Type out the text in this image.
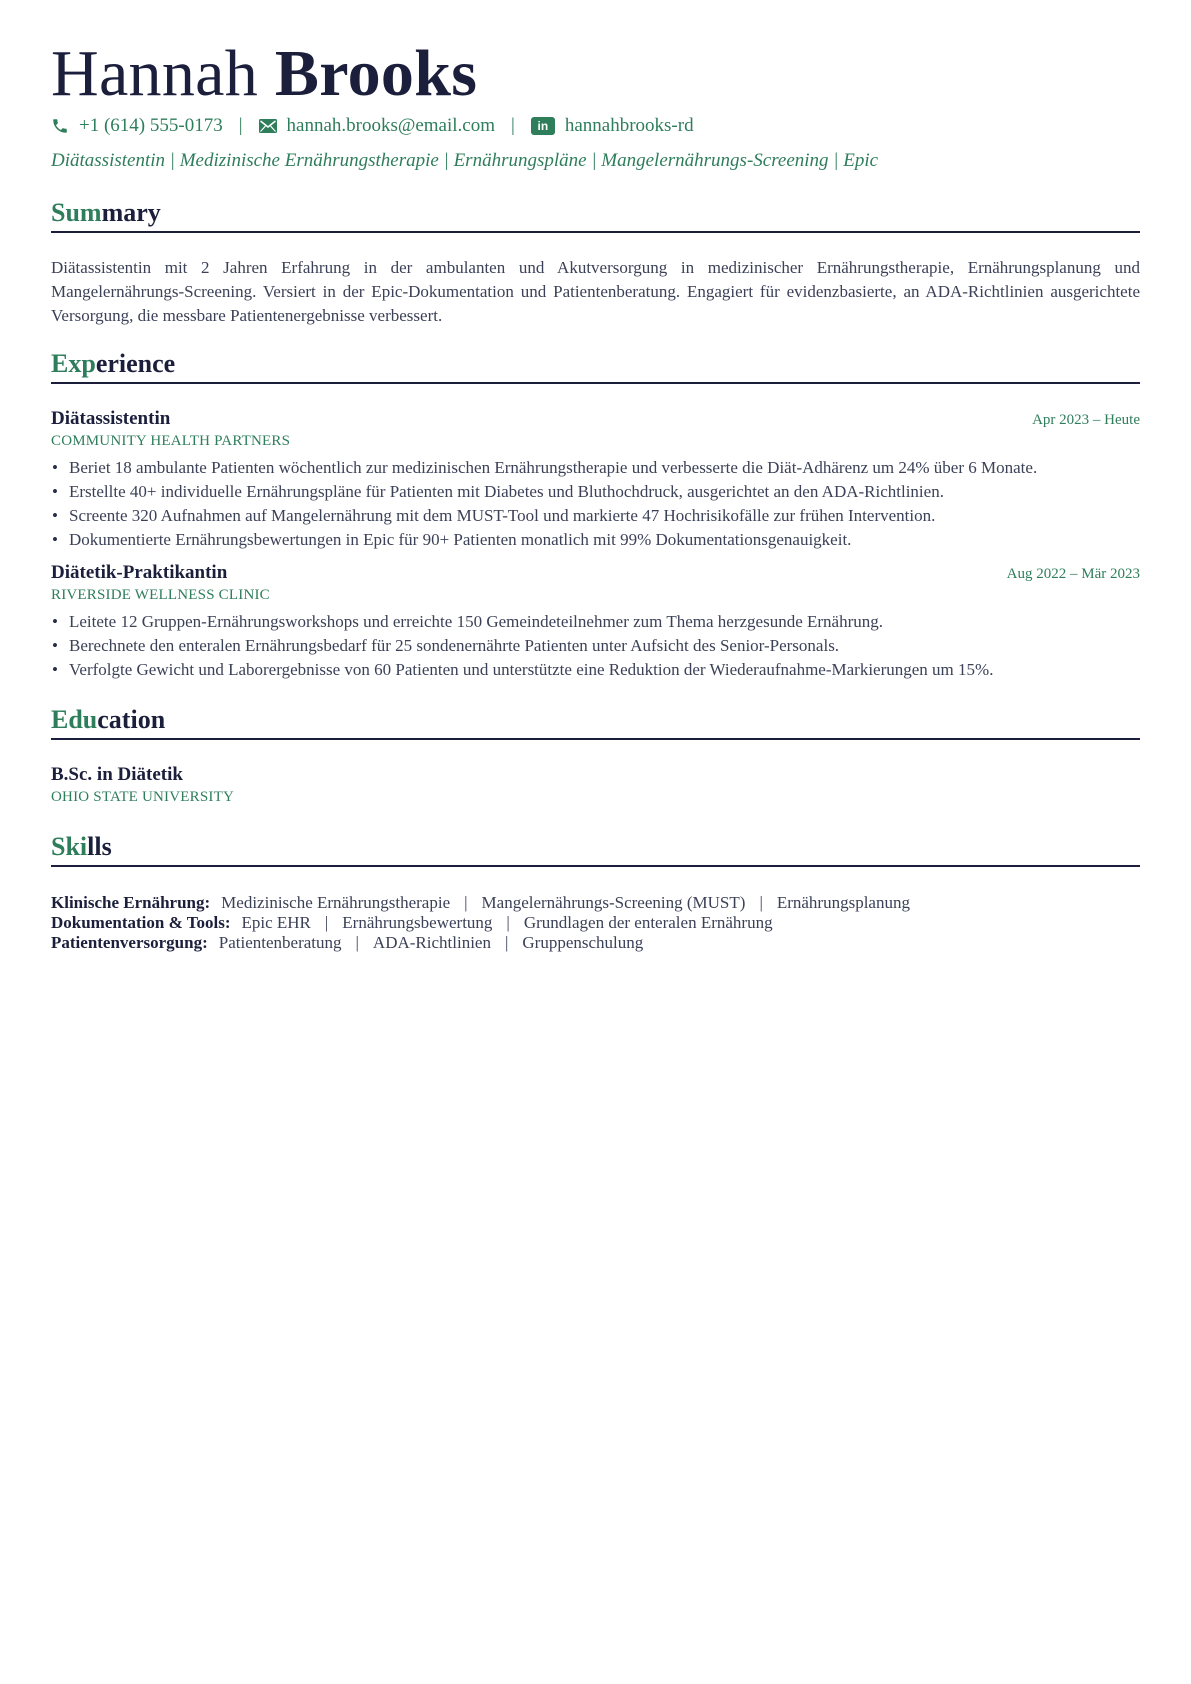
Hannah Brooks
+1 (614) 555-0173 | hannah.brooks@email.com |	in hannahbrooks-rd

Diätassistentin | Medizinische Ernährungstherapie | Ernährungspläne | Mangelernährungs-Screening | Epic

Summary

Diätassistentin mit 2 Jahren Erfahrung in der ambulanten und Akutversorgung in medizinischer Ernährungstherapie, Ernährungsplanung und Mangelernährungs-Screening. Versiert in der Epic-Dokumentation und Patientenberatung. Engagiert für evidenzbasierte, an ADA-Richtlinien ausgerichtete Versorgung, die messbare Patientenergebnisse verbessert.

Experience
Diätassistentin	Apr 2023 – Heute
COMMUNITY HEALTH PARTNERS
• Beriet 18 ambulante Patienten wöchentlich zur medizinischen Ernährungstherapie und verbesserte die Diät-Adhärenz um 24% über 6 Monate.
• Erstellte 40+ individuelle Ernährungspläne für Patienten mit Diabetes und Bluthochdruck, ausgerichtet an den ADA-Richtlinien.
• Screente 320 Aufnahmen auf Mangelernährung mit dem MUST-Tool und markierte 47 Hochrisikofälle zur frühen Intervention.
• Dokumentierte Ernährungsbewertungen in Epic für 90+ Patienten monatlich mit 99% Dokumentationsgenauigkeit.
Diätetik-Praktikantin	Aug 2022 – Mär 2023
RIVERSIDE WELLNESS CLINIC
• Leitete 12 Gruppen-Ernährungsworkshops und erreichte 150 Gemeindeteilnehmer zum Thema herzgesunde Ernährung.
• Berechnete den enteralen Ernährungsbedarf für 25 sondenernährte Patienten unter Aufsicht des Senior-Personals.
• Verfolgte Gewicht und Laborergebnisse von 60 Patienten und unterstützte eine Reduktion der Wiederaufnahme-Markierungen um 15%.
Education
B.Sc. in Diätetik
OHIO STATE UNIVERSITY
Skills
Klinische Ernährung: Medizinische Ernährungstherapie | Mangelernährungs-Screening (MUST) | Ernährungsplanung
Dokumentation & Tools: Epic EHR | Ernährungsbewertung | Grundlagen der enteralen Ernährung
Patientenversorgung: Patientenberatung | ADA-Richtlinien | Gruppenschulung
